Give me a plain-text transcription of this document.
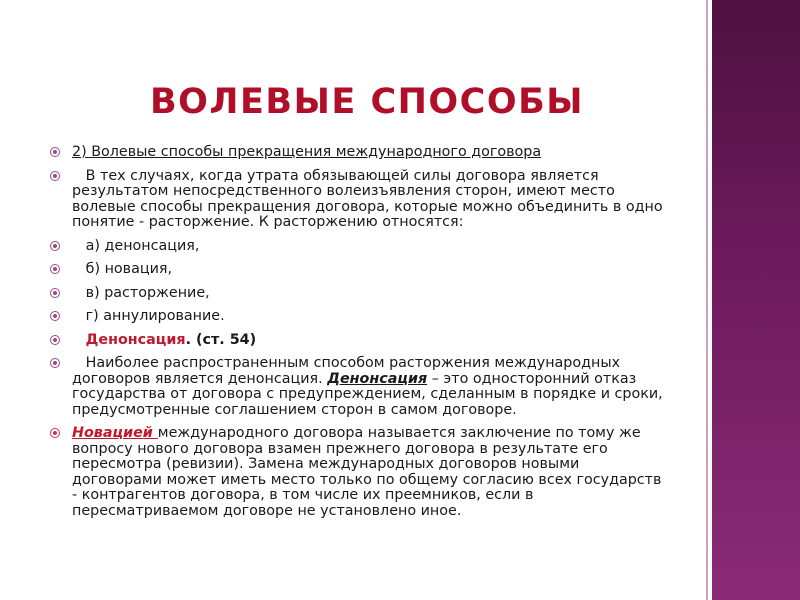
ВОЛЕВЫЕ СПОСОБЫ
2) Волевые способы прекращения международного договора
В тех случаях, когда утрата обязывающей силы договора является результатом непосредственного волеизъявления сторон, имеют место волевые способы прекращения договора, которые можно объединить в одно понятие - расторжение. К расторжению относятся:
а) денонсация,
б) новация,
в) расторжение,
г) аннулирование.
Денонсация. (ст. 54)
Наиболее распространенным способом расторжения международных договоров является денонсация. Денонсация – это односторонний отказ государства от договора с предупреждением, сделанным в порядке и сроки, предусмотренные соглашением сторон в самом договоре.
Новацией международного договора называется заключение по тому же вопросу нового договора взамен прежнего договора в результате его пересмотра (ревизии). Замена международных договоров новыми договорами может иметь место только по общему согласию всех государств - контрагентов договора, в том числе их преемников, если в пересматриваемом договоре не установлено иное.
